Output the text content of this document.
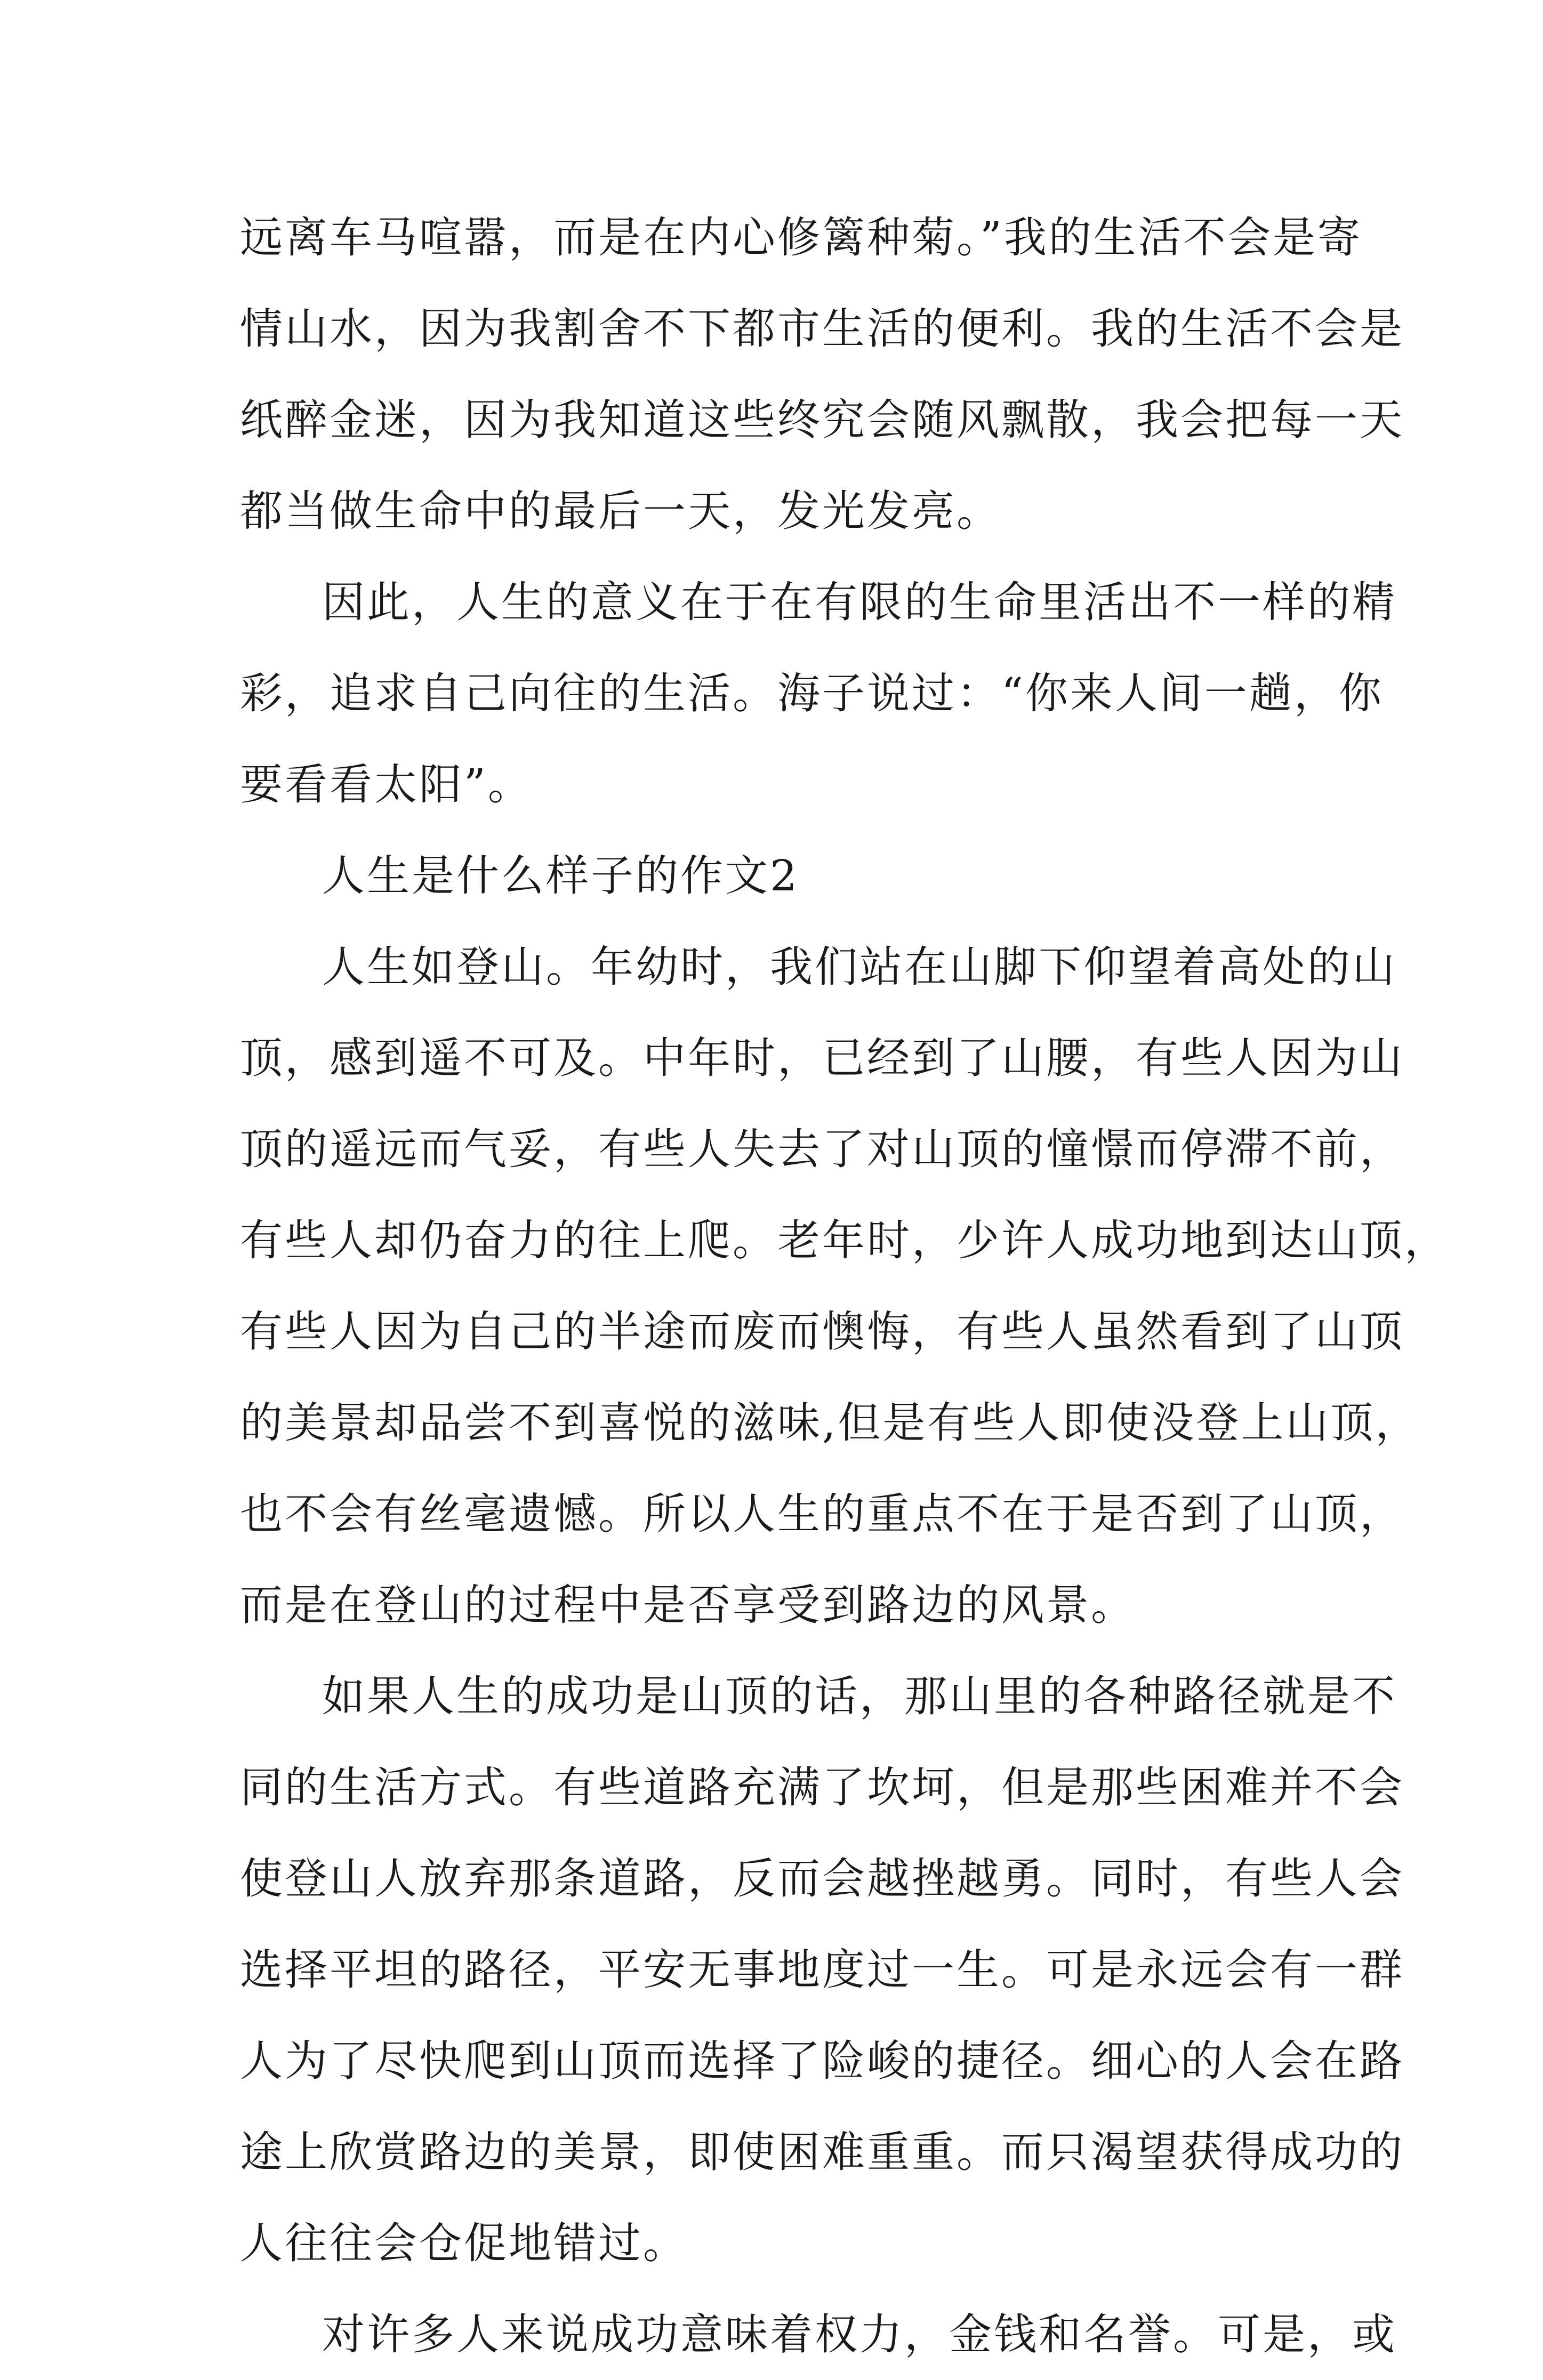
远离车马喧嚣，而是在内心修篱种菊。”我的生活不会是寄
情山水，因为我割舍不下都市生活的便利。我的生活不会是
纸醉金迷，因为我知道这些终究会随风飘散，我会把每一天
都当做生命中的最后一天，发光发亮。
因此，人生的意义在于在有限的生命里活出不一样的精
彩，追求自己向往的生活。海子说过：“你来人间一趟，你
要看看太阳”。
人生是什么样子的作文2
人生如登山。年幼时，我们站在山脚下仰望着高处的山
顶，感到遥不可及。中年时，已经到了山腰，有些人因为山
顶的遥远而气妥，有些人失去了对山顶的憧憬而停滞不前，
有些人却仍奋力的往上爬。老年时，少许人成功地到达山顶，
有些人因为自己的半途而废而懊悔，有些人虽然看到了山顶
的美景却品尝不到喜悦的滋味,但是有些人即使没登上山顶，
也不会有丝毫遗憾。所以人生的重点不在于是否到了山顶，
而是在登山的过程中是否享受到路边的风景。
如果人生的成功是山顶的话，那山里的各种路径就是不
同的生活方式。有些道路充满了坎坷，但是那些困难并不会
使登山人放弃那条道路，反而会越挫越勇。同时，有些人会
选择平坦的路径，平安无事地度过一生。可是永远会有一群
人为了尽快爬到山顶而选择了险峻的捷径。细心的人会在路
途上欣赏路边的美景，即使困难重重。而只渴望获得成功的
人往往会仓促地错过。
对许多人来说成功意味着权力，金钱和名誉。可是，或
